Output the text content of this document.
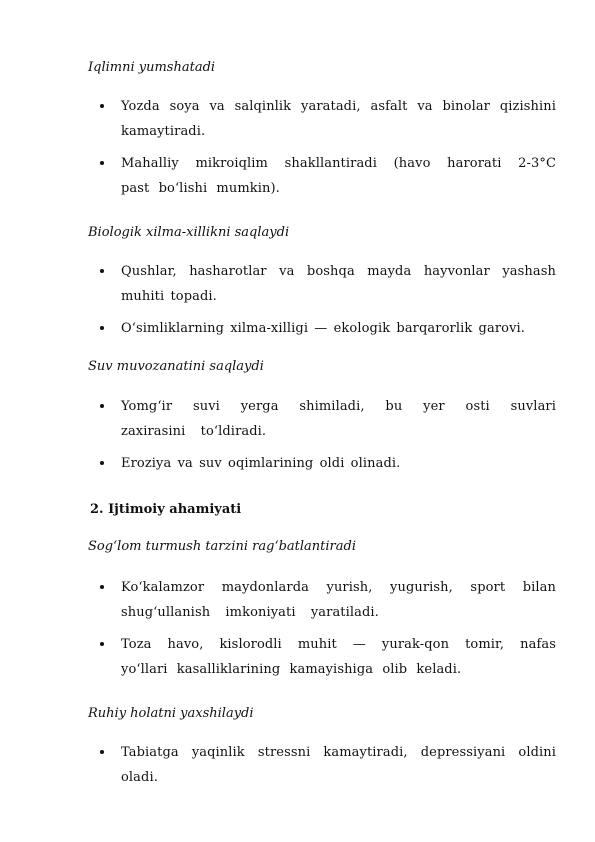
Iqlimni yumshatadi
Yozda soya va salqinlik yaratadi, asfalt va binolar qizishini kamaytiradi.
Mahalliy mikroiqlim shakllantiradi (havo harorati 2-3°C past bo‘lishi mumkin).
Biologik xilma-xillikni saqlaydi
Qushlar, hasharotlar va boshqa mayda hayvonlar yashash muhiti topadi.
O‘simliklarning xilma-xilligi — ekologik barqarorlik garovi.
Suv muvozanatini saqlaydi
Yomg‘ir suvi yerga shimiladi, bu yer osti suvlari zaxirasini to‘ldiradi.
Eroziya va suv oqimlarining oldi olinadi.
2. Ijtimoiy ahamiyati
Sog‘lom turmush tarzini rag‘batlantiradi
Ko‘kalamzor maydonlarda yurish, yugurish, sport bilan shug‘ullanish imkoniyati yaratiladi.
Toza havo, kislorodli muhit — yurak-qon tomir, nafas yo‘llari kasalliklarining kamayishiga olib keladi.
Ruhiy holatni yaxshilaydi
Tabiatga yaqinlik stressni kamaytiradi, depressiyani oldini oladi.
